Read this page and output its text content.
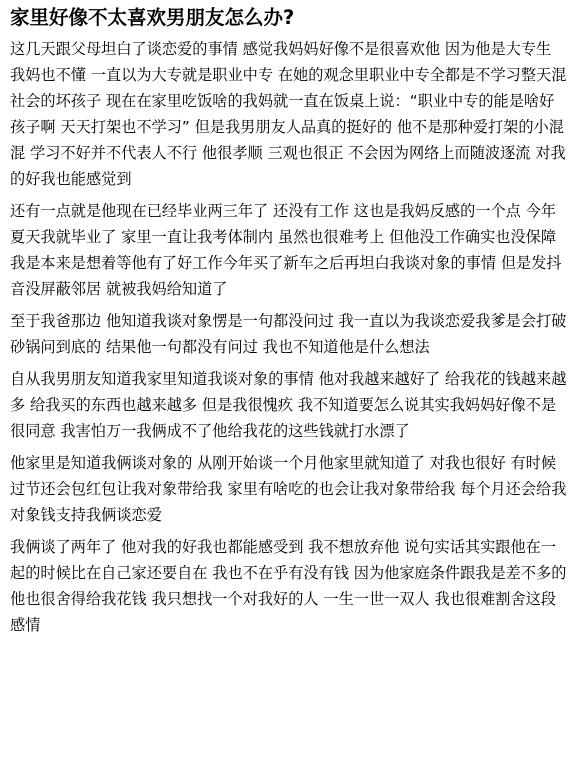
家里好像不太喜欢男朋友怎么办?

这几天跟父母坦白了谈恋爱的事情 感觉我妈妈好像不是很喜欢他 因为他是大专生 我妈也不懂 一直以为大专就是职业中专 在她的观念里职业中专全都是不学习整天混社会的坏孩子 现在在家里吃饭啥的我妈就一直在饭桌上说：“职业中专的能是啥好孩子啊 天天打架也不学习” 但是我男朋友人品真的挺好的 他不是那种爱打架的小混混 学习不好并不代表人不行 他很孝顺 三观也很正 不会因为网络上而随波逐流 对我的好我也能感觉到

还有一点就是他现在已经毕业两三年了 还没有工作 这也是我妈反感的一个点 今年夏天我就毕业了 家里一直让我考体制内 虽然也很难考上 但他没工作确实也没保障 我是本来是想着等他有了好工作今年买了新车之后再坦白我谈对象的事情 但是发抖音没屏蔽邻居 就被我妈给知道了

至于我爸那边 他知道我谈对象愣是一句都没问过 我一直以为我谈恋爱我爹是会打破砂锅问到底的 结果他一句都没有问过 我也不知道他是什么想法

自从我男朋友知道我家里知道我谈对象的事情 他对我越来越好了 给我花的钱越来越多 给我买的东西也越来越多 但是我很愧疚 我不知道要怎么说其实我妈妈好像不是很同意 我害怕万一我俩成不了他给我花的这些钱就打水漂了

他家里是知道我俩谈对象的 从刚开始谈一个月他家里就知道了 对我也很好 有时候过节还会包红包让我对象带给我 家里有啥吃的也会让我对象带给我 每个月还会给我对象钱支持我俩谈恋爱

我俩谈了两年了 他对我的好我也都能感受到 我不想放弃他 说句实话其实跟他在一起的时候比在自己家还要自在 我也不在乎有没有钱 因为他家庭条件跟我是差不多的 他也很舍得给我花钱 我只想找一个对我好的人 一生一世一双人 我也很难割舍这段感情
